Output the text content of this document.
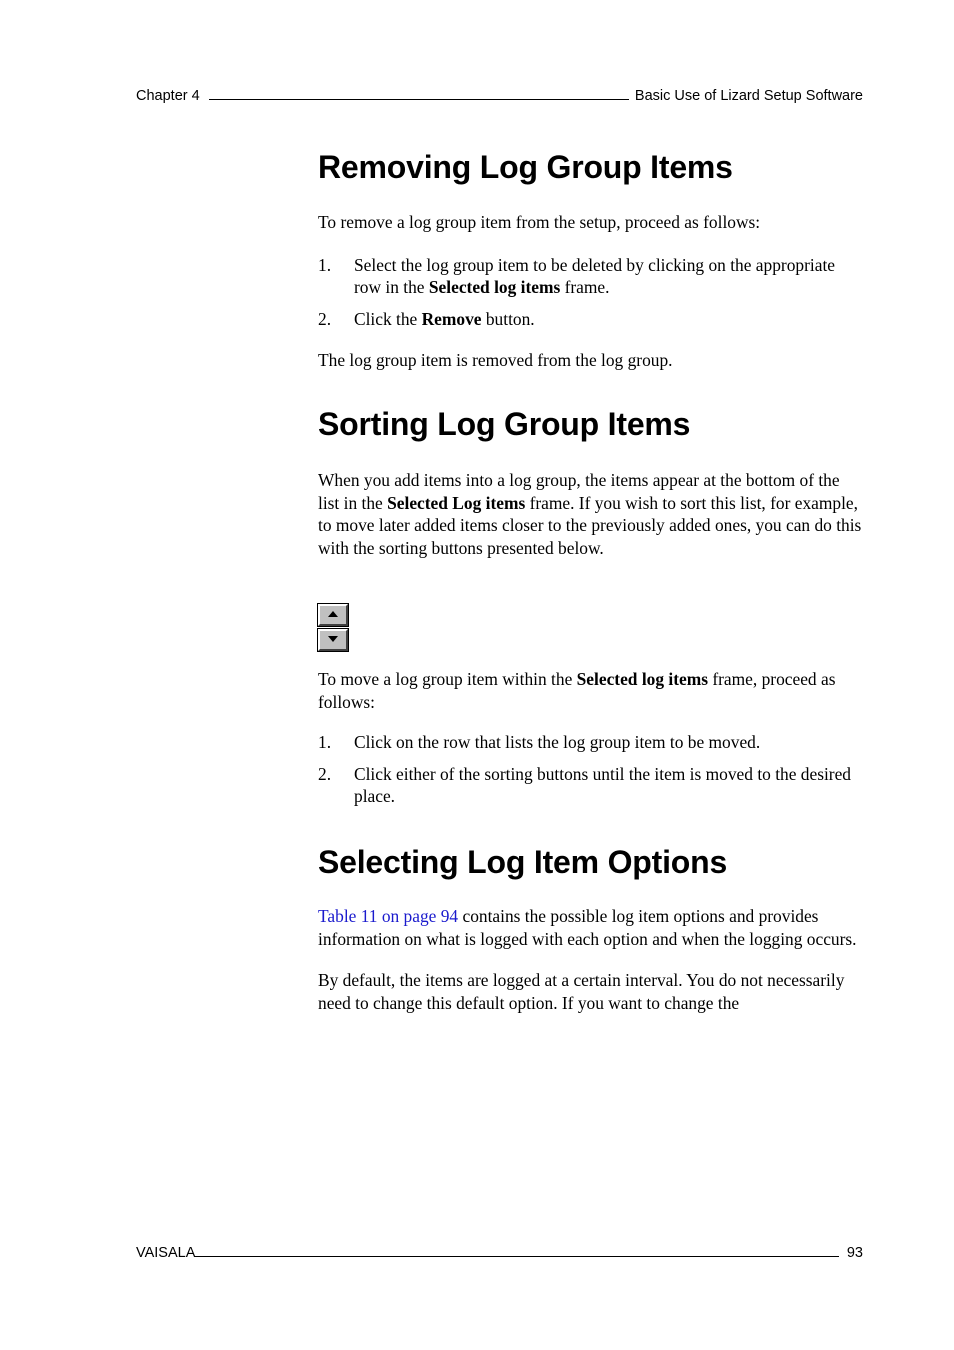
Chapter 4	Basic Use of Lizard Setup Software
Removing Log Group Items

To remove a log group item from the setup, proceed as follows:

1.	Select the log group item to be deleted by clicking on the appropriate row in the Selected log items frame.
2.	Click the Remove button.

The log group item is removed from the log group.

Sorting Log Group Items

When you add items into a log group, the items appear at the bottom of the list in the Selected Log items frame. If you wish to sort this list, for example, to move later added items closer to the previously added ones, you can do this with the sorting buttons presented below.

To move a log group item within the Selected log items frame, proceed as follows:

1.	Click on the row that lists the log group item to be moved.
2.	Click either of the sorting buttons until the item is moved to the desired place.
Selecting Log Item Options

Table 11 on page 94 contains the possible log item options and provides information on what is logged with each option and when the logging occurs.

By default, the items are logged at a certain interval. You do not necessarily need to change this default option. If you want to change the

VAISALA	93
